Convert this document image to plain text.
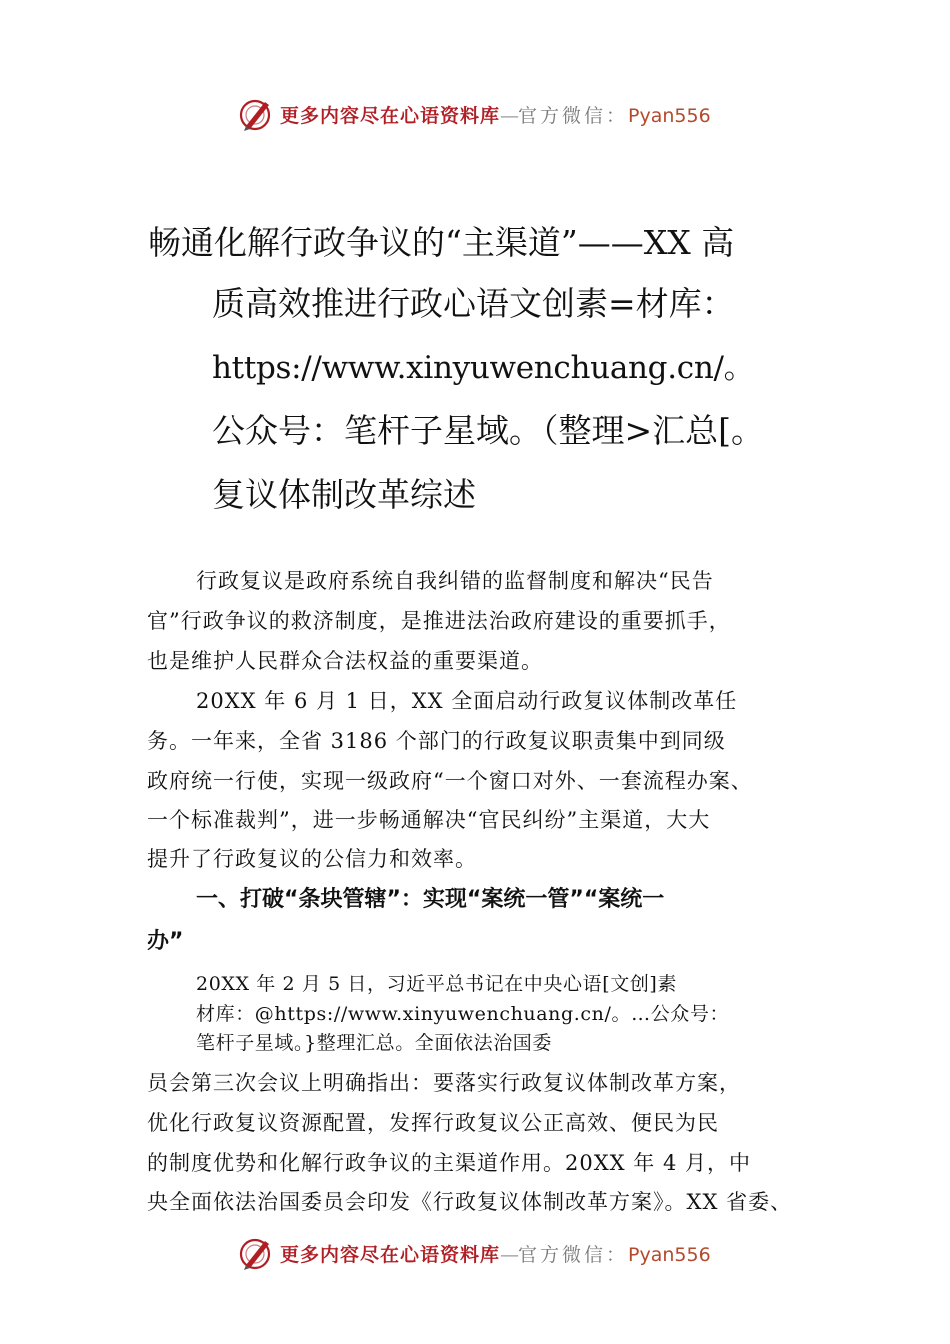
更多内容尽在心语资料库—官方微信：Pyan556
畅通化解行政争议的“主渠道”——XX 高
质高效推进行政心语文创素=材库：
https://www.xinyuwenchuang.cn/。
公众号：笔杆子星域。（整理>汇总[。
复议体制改革综述
行政复议是政府系统自我纠错的监督制度和解决“民告
官”行政争议的救济制度，是推进法治政府建设的重要抓手，
也是维护人民群众合法权益的重要渠道。
20XX 年 6 月 1 日，XX 全面启动行政复议体制改革任
务。一年来，全省 3186 个部门的行政复议职责集中到同级
政府统一行使，实现一级政府“一个窗口对外、一套流程办案、
一个标准裁判”，进一步畅通解决“官民纠纷”主渠道，大大
提升了行政复议的公信力和效率。
一、打破“条块管辖”：实现“案统一管”“案统一
办”
20XX 年 2 月 5 日，习近平总书记在中央心语[文创]素
材库：@https://www.xinyuwenchuang.cn/。…公众号：
笔杆子星域。}整理汇总。全面依法治国委
员会第三次会议上明确指出：要落实行政复议体制改革方案，
优化行政复议资源配置，发挥行政复议公正高效、便民为民
的制度优势和化解行政争议的主渠道作用。20XX 年 4 月，中
央全面依法治国委员会印发《行政复议体制改革方案》。XX 省委、
更多内容尽在心语资料库—官方微信：Pyan556
